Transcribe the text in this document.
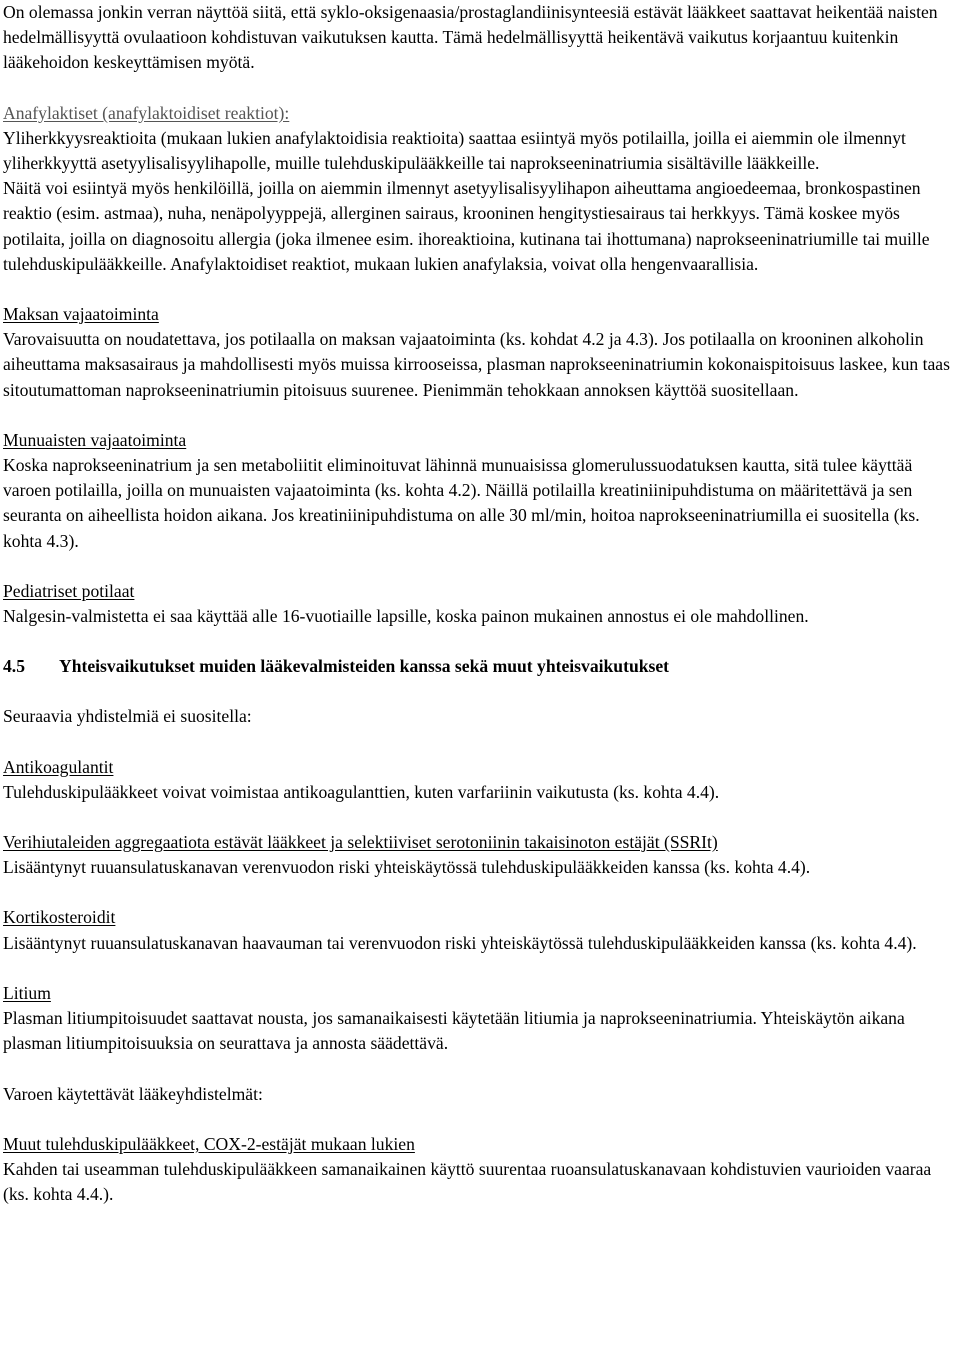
On olemassa jonkin verran näyttöä siitä, että syklo-oksigenaasia/prostaglandiinisynteesiä estävät lääkkeet saattavat heikentää naisten hedelmällisyyttä ovulaatioon kohdistuvan vaikutuksen kautta. Tämä hedelmällisyyttä heikentävä vaikutus korjaantuu kuitenkin lääkehoidon keskeyttämisen myötä.

Anafylaktiset (anafylaktoidiset reaktiot):

Yliherkkyysreaktioita (mukaan lukien anafylaktoidisia reaktioita) saattaa esiintyä myös potilailla, joilla ei aiemmin ole ilmennyt yliherkkyyttä asetyylisalisyylihapolle, muille tulehduskipulääkkeille tai naprokseeninatriumia sisältäville lääkkeille.

Näitä voi esiintyä myös henkilöillä, joilla on aiemmin ilmennyt asetyylisalisyylihapon aiheuttama angioedeemaa, bronkospastinen reaktio (esim. astmaa), nuha, nenäpolyyppejä, allerginen sairaus, krooninen hengitystiesairaus tai herkkyys. Tämä koskee myös potilaita, joilla on diagnosoitu allergia (joka ilmenee esim. ihoreaktioina, kutinana tai ihottumana) naprokseeninatriumille tai muille tulehduskipulääkkeille. Anafylaktoidiset reaktiot, mukaan lukien anafylaksia, voivat olla hengenvaarallisia.

Maksan vajaatoiminta

Varovaisuutta on noudatettava, jos potilaalla on maksan vajaatoiminta (ks. kohdat 4.2 ja 4.3). Jos potilaalla on krooninen alkoholin aiheuttama maksasairaus ja mahdollisesti myös muissa kirrooseissa, plasman naprokseeninatriumin kokonaispitoisuus laskee, kun taas sitoutumattoman naprokseeninatriumin pitoisuus suurenee. Pienimmän tehokkaan annoksen käyttöä suositellaan.

Munuaisten vajaatoiminta

Koska naprokseeninatrium ja sen metaboliitit eliminoituvat lähinnä munuaisissa glomerulussuodatuksen kautta, sitä tulee käyttää varoen potilailla, joilla on munuaisten vajaatoiminta (ks. kohta 4.2). Näillä potilailla kreatiniinipuhdistuma on määritettävä ja sen seuranta on aiheellista hoidon aikana. Jos kreatiniinipuhdistuma on alle 30 ml/min, hoitoa naprokseeninatriumilla ei suositella (ks. kohta 4.3).

Pediatriset potilaat

Nalgesin-valmistetta ei saa käyttää alle 16-vuotiaille lapsille, koska painon mukainen annostus ei ole mahdollinen.

4.5 Yhteisvaikutukset muiden lääkevalmisteiden kanssa sekä muut yhteisvaikutukset

Seuraavia yhdistelmiä ei suositella:

Antikoagulantit

Tulehduskipulääkkeet voivat voimistaa antikoagulanttien, kuten varfariinin vaikutusta (ks. kohta 4.4).

Verihiutaleiden aggregaatiota estävät lääkkeet ja selektiiviset serotoniinin takaisinoton estäjät (SSRIt)

Lisääntynyt ruuansulatuskanavan verenvuodon riski yhteiskäytössä tulehduskipulääkkeiden kanssa (ks. kohta 4.4).

Kortikosteroidit

Lisääntynyt ruuansulatuskanavan haavauman tai verenvuodon riski yhteiskäytössä tulehduskipulääkkeiden kanssa (ks. kohta 4.4).

Litium

Plasman litiumpitoisuudet saattavat nousta, jos samanaikaisesti käytetään litiumia ja naprokseeninatriumia. Yhteiskäytön aikana plasman litiumpitoisuuksia on seurattava ja annosta säädettävä.

Varoen käytettävät lääkeyhdistelmät:

Muut tulehduskipulääkkeet, COX-2-estäjät mukaan lukien

Kahden tai useamman tulehduskipulääkkeen samanaikainen käyttö suurentaa ruoansulatuskanavaan kohdistuvien vaurioiden vaaraa (ks. kohta 4.4.).
